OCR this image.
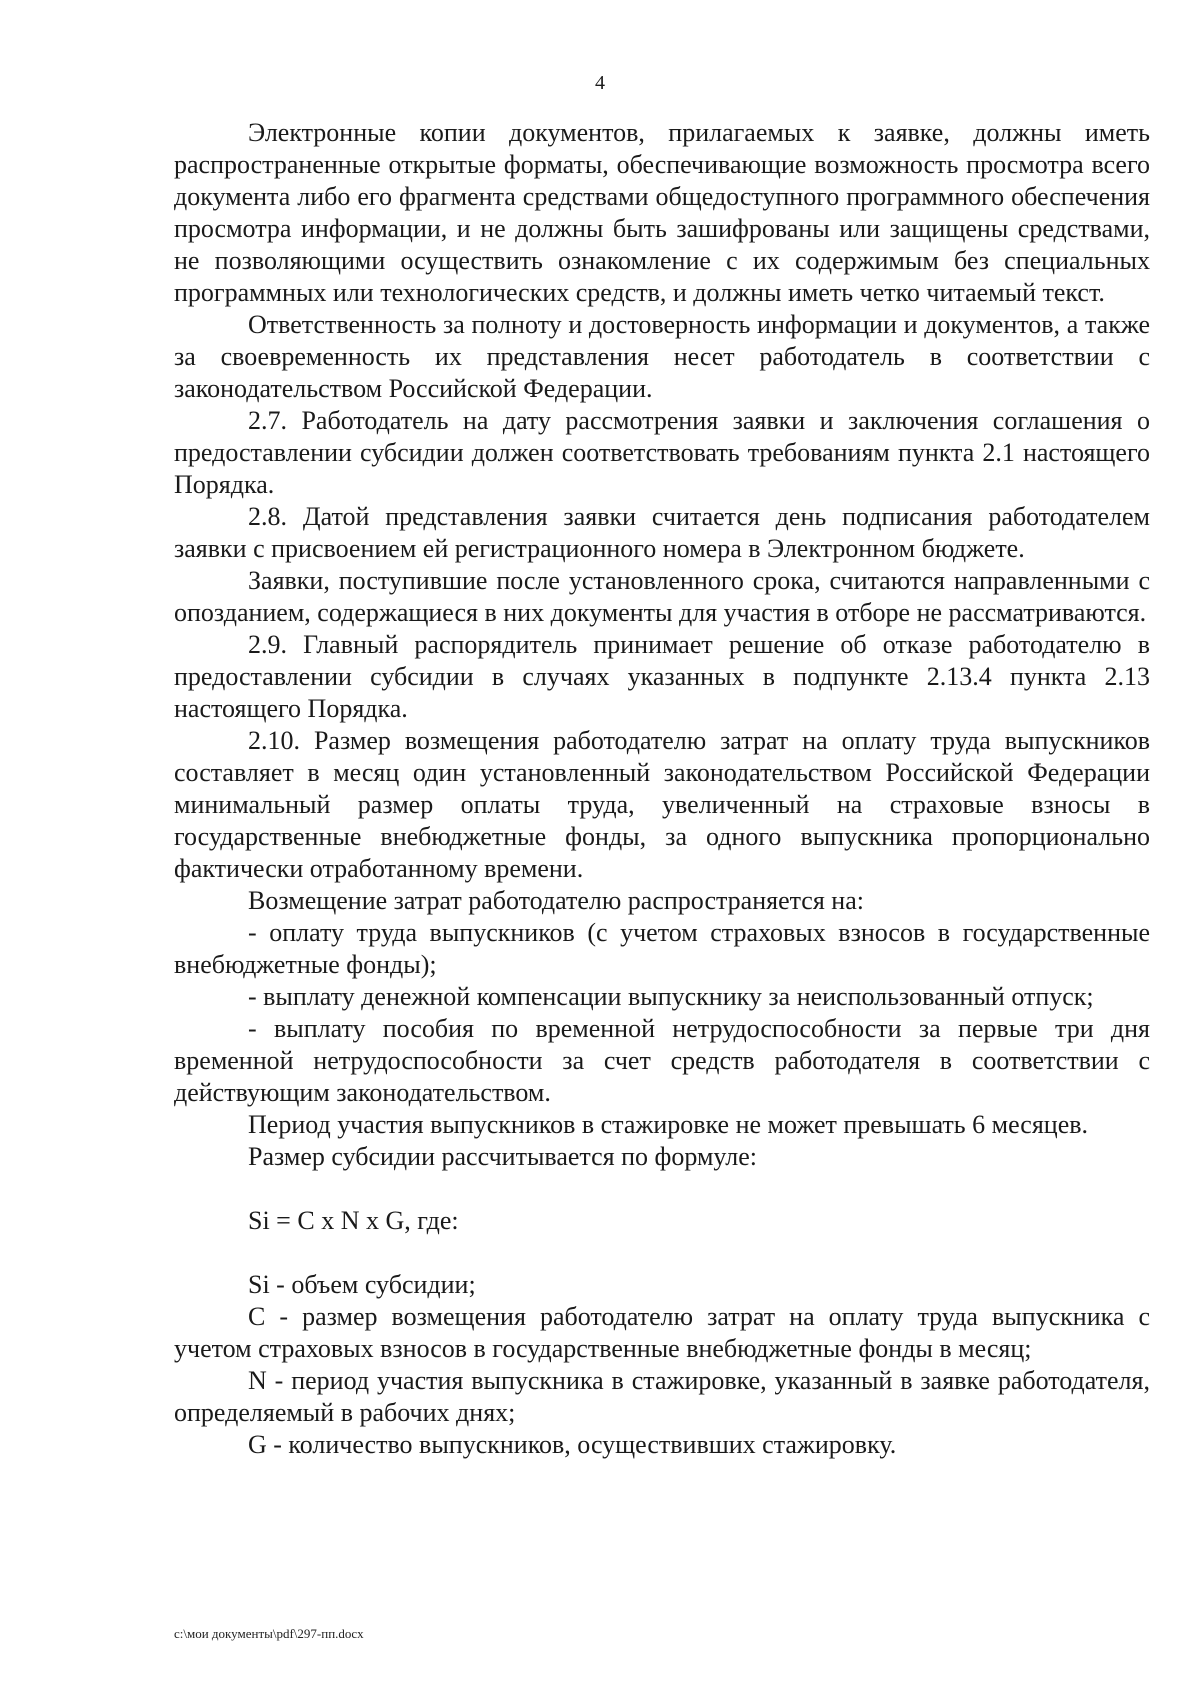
4

Электронные копии документов, прилагаемых к заявке, должны иметь распространенные открытые форматы, обеспечивающие возможность просмотра всего документа либо его фрагмента средствами общедоступного программного обеспечения просмотра информации, и не должны быть зашифрованы или защищены средствами, не позволяющими осуществить ознакомление с их содержимым без специальных программных или технологических средств, и должны иметь четко читаемый текст.

Ответственность за полноту и достоверность информации и документов, а также за своевременность их представления несет работодатель в соответствии с законодательством Российской Федерации.

2.7. Работодатель на дату рассмотрения заявки и заключения соглашения о предоставлении субсидии должен соответствовать требованиям пункта 2.1 настоящего Порядка.

2.8. Датой представления заявки считается день подписания работодателем заявки с присвоением ей регистрационного номера в Электронном бюджете.

Заявки, поступившие после установленного срока, считаются направленными с опозданием, содержащиеся в них документы для участия в отборе не рассматриваются.

2.9. Главный распорядитель принимает решение об отказе работодателю в предоставлении субсидии в случаях указанных в подпункте 2.13.4 пункта 2.13 настоящего Порядка.

2.10. Размер возмещения работодателю затрат на оплату труда выпускников составляет в месяц один установленный законодательством Российской Федерации минимальный размер оплаты труда, увеличенный на страховые взносы в государственные внебюджетные фонды, за одного выпускника пропорционально фактически отработанному времени.

Возмещение затрат работодателю распространяется на:

- оплату труда выпускников (с учетом страховых взносов в государственные внебюджетные фонды);

- выплату денежной компенсации выпускнику за неиспользованный отпуск;

- выплату пособия по временной нетрудоспособности за первые три дня временной нетрудоспособности за счет средств работодателя в соответствии с действующим законодательством.

Период участия выпускников в стажировке не может превышать 6 месяцев.

Размер субсидии рассчитывается по формуле:

Si = C x N x G, где:

Si - объем субсидии;

C - размер возмещения работодателю затрат на оплату труда выпускника с учетом страховых взносов в государственные внебюджетные фонды в месяц;

N - период участия выпускника в стажировке, указанный в заявке работодателя, определяемый в рабочих днях;

G - количество выпускников, осуществивших стажировку.

c:\мои документы\pdf\297-пп.docx
